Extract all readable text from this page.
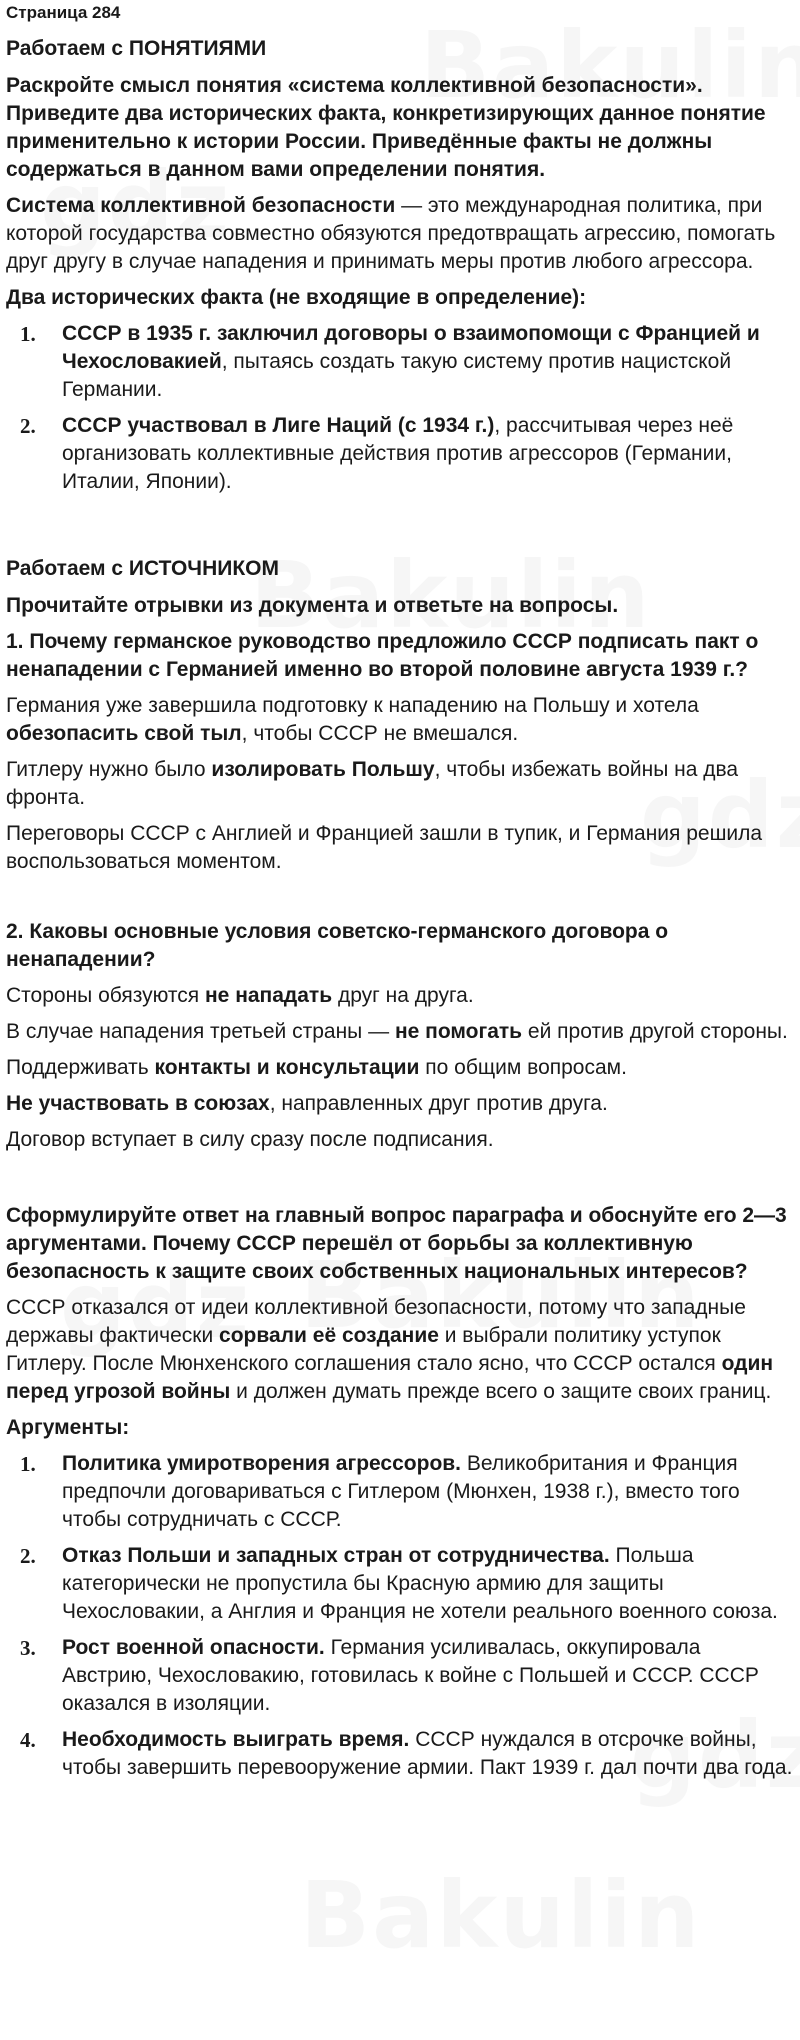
Страница 284
Работаем с ПОНЯТИЯМИ
Раскройте смысл понятия «система коллективной безопасности». Приведите два исторических факта, конкретизирующих данное понятие применительно к истории России. Приведённые факты не должны содержаться в данном вами определении понятия.

Система коллективной безопасности — это международная политика, при которой государства совместно обязуются предотвращать агрессию, помогать друг другу в случае нападения и принимать меры против любого агрессора.

Два исторических факта (не входящие в определение):
1.	СССР в 1935 г. заключил договоры о взаимопомощи с Францией и Чехословакией, пытаясь создать такую систему против нацистской Германии.
2.	СССР участвовал в Лиге Наций (с 1934 г.), рассчитывая через неё организовать коллективные действия против агрессоров (Германии, Италии, Японии).
Работаем с ИСТОЧНИКОМ
Прочитайте отрывки из документа и ответьте на вопросы.
1. Почему германское руководство предложило СССР подписать пакт о ненападении с Германией именно во второй половине августа 1939 г.?

Германия уже завершила подготовку к нападению на Польшу и хотела обезопасить свой тыл, чтобы СССР не вмешался.

Гитлеру нужно было изолировать Польшу, чтобы избежать войны на два фронта.

Переговоры СССР с Англией и Францией зашли в тупик, и Германия решила воспользоваться моментом.

2. Каковы основные условия советско-германского договора о ненападении?

Стороны обязуются не нападать друг на друга.

В случае нападения третьей страны — не помогать ей против другой стороны.

Поддерживать контакты и консультации по общим вопросам.

Не участвовать в союзах, направленных друг против друга.

Договор вступает в силу сразу после подписания.

Сформулируйте ответ на главный вопрос параграфа и обоснуйте его 2—3 аргументами. Почему СССР перешёл от борьбы за коллективную безопасность к защите своих собственных национальных интересов?

СССР отказался от идеи коллективной безопасности, потому что западные державы фактически сорвали её создание и выбрали политику уступок Гитлеру. После Мюнхенского соглашения стало ясно, что СССР остался один перед угрозой войны и должен думать прежде всего о защите своих границ.

Аргументы:
1.	Политика умиротворения агрессоров. Великобритания и Франция предпочли договариваться с Гитлером (Мюнхен, 1938 г.), вместо того чтобы сотрудничать с СССР.
2.	Отказ Польши и западных стран от сотрудничества. Польша категорически не пропустила бы Красную армию для защиты Чехословакии, а Англия и Франция не хотели реального военного союза.
3.	Рост военной опасности. Германия усиливалась, оккупировала Австрию, Чехословакию, готовилась к войне с Польшей и СССР. СССР оказался в изоляции.
4.	Необходимость выиграть время. СССР нуждался в отсрочке войны, чтобы завершить перевооружение армии. Пакт 1939 г. дал почти два года.
